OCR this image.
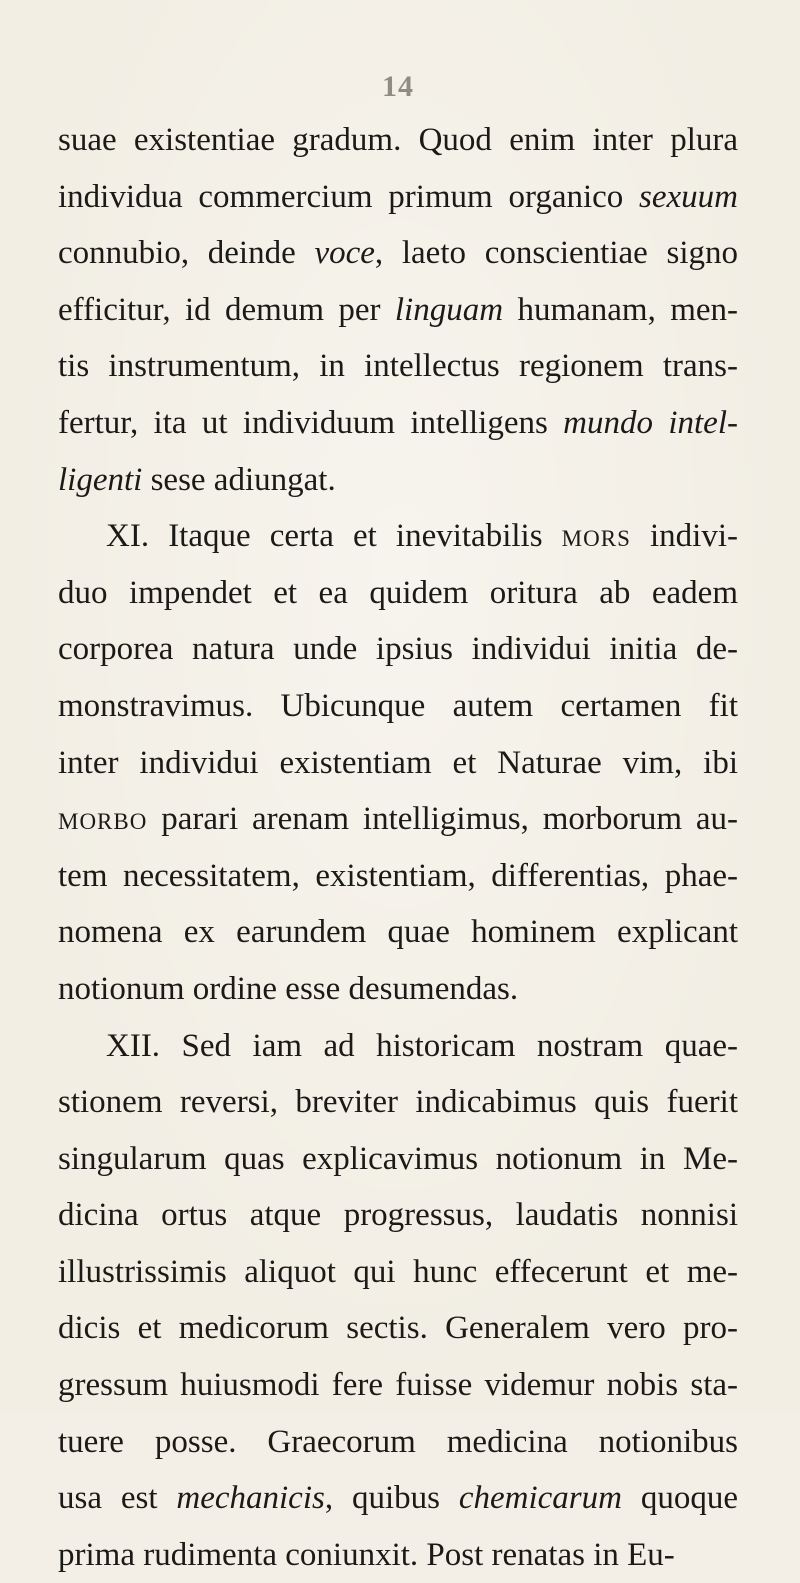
14
suae existentiae gradum. Quod enim inter plura
individua commercium primum organico sexuum
connubio, deinde voce, laeto conscientiae signo
efficitur, id demum per linguam humanam, men-
tis instrumentum, in intellectus regionem trans-
fertur, ita ut individuum intelligens mundo intel-
ligenti sese adiungat.
XI. Itaque certa et inevitabilis mors indivi-
duo impendet et ea quidem oritura ab eadem
corporea natura unde ipsius individui initia de-
monstravimus. Ubicunque autem certamen fit
inter individui existentiam et Naturae vim, ibi
morbo parari arenam intelligimus, morborum au-
tem necessitatem, existentiam, differentias, phae-
nomena ex earundem quae hominem explicant
notionum ordine esse desumendas.
XII. Sed iam ad historicam nostram quae-
stionem reversi, breviter indicabimus quis fuerit
singularum quas explicavimus notionum in Me-
dicina ortus atque progressus, laudatis nonnisi
illustrissimis aliquot qui hunc effecerunt et me-
dicis et medicorum sectis. Generalem vero pro-
gressum huiusmodi fere fuisse videmur nobis sta-
tuere posse. Graecorum medicina notionibus
usa est mechanicis, quibus chemicarum quoque
prima rudimenta coniunxit. Post renatas in Eu-
